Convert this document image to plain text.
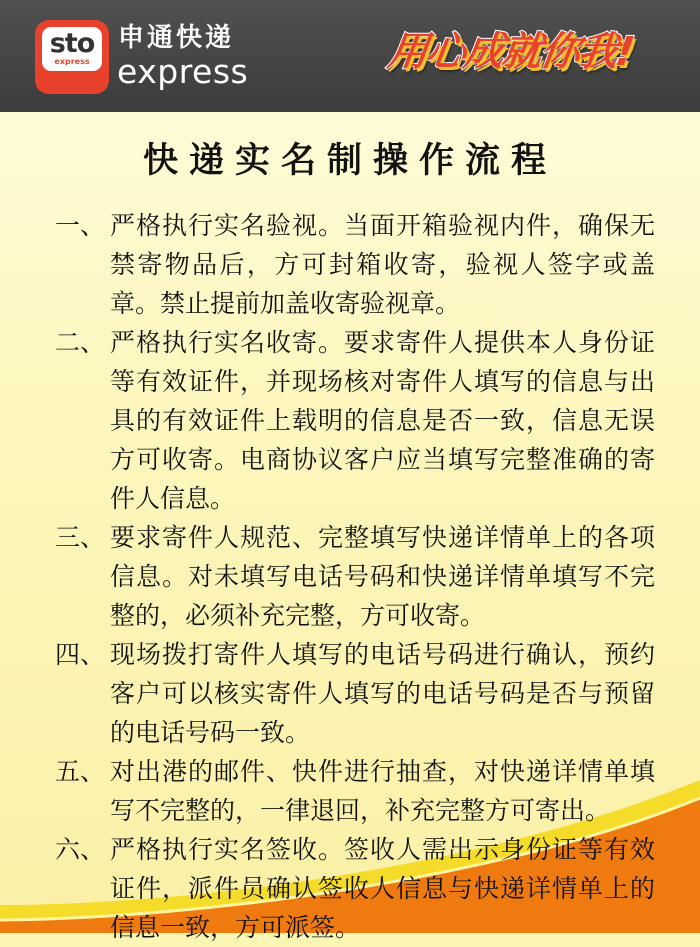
sto
express
申通快递
express	用心成就你我!
快递实名制操作流程
一、 严格执行实名验视。当面开箱验视内件，确保无禁寄物品后，方可封箱收寄，验视人签字或盖章。禁止提前加盖收寄验视章。
二、 严格执行实名收寄。要求寄件人提供本人身份证等有效证件，并现场核对寄件人填写的信息与出具的有效证件上载明的信息是否一致，信息无误方可收寄。电商协议客户应当填写完整准确的寄件人信息。
三、 要求寄件人规范、完整填写快递详情单上的各项信息。对未填写电话号码和快递详情单填写不完整的，必须补充完整，方可收寄。
四、 现场拨打寄件人填写的电话号码进行确认，预约客户可以核实寄件人填写的电话号码是否与预留的电话号码一致。
五、 对出港的邮件、快件进行抽查，对快递详情单填写不完整的，一律退回，补充完整方可寄出。
六、 严格执行实名签收。签收人需出示身份证等有效证件，派件员确认签收人信息与快递详情单上的信息一致，方可派签。
